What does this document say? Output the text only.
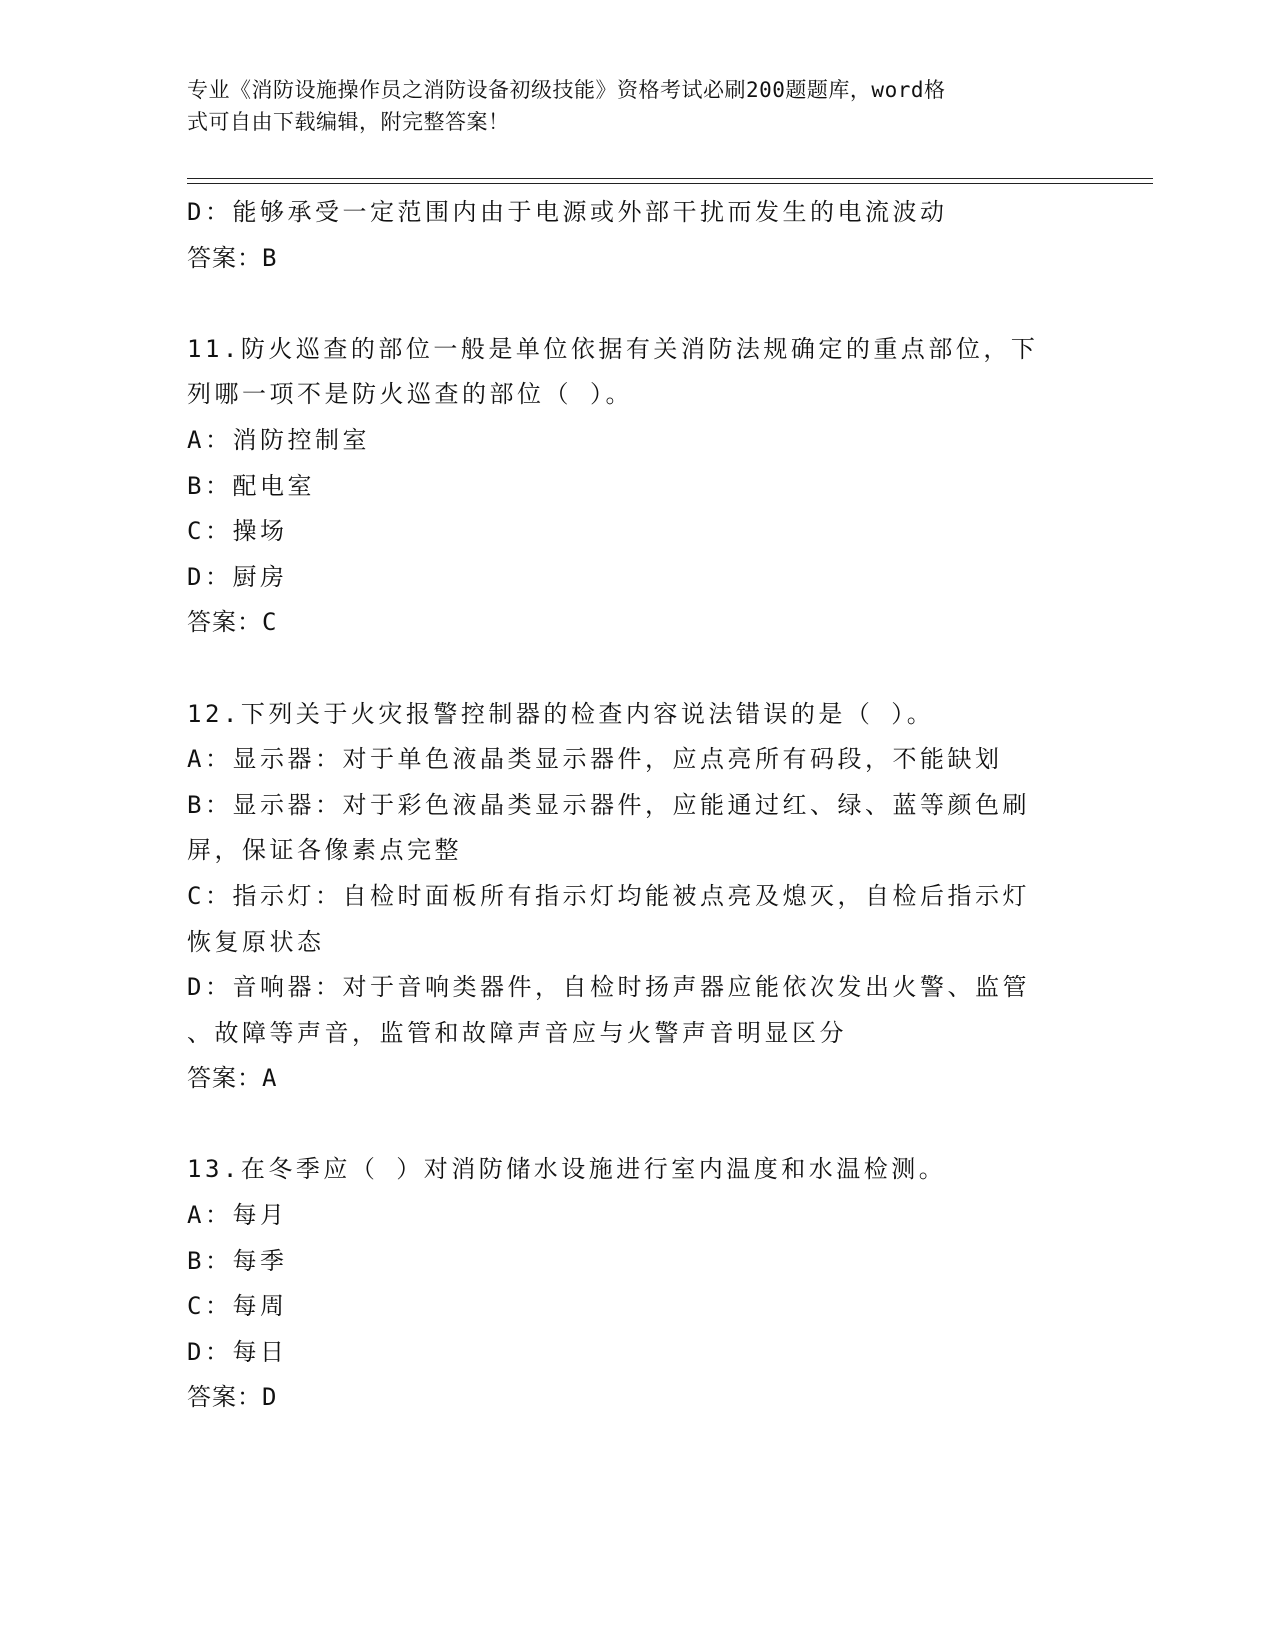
专业《消防设施操作员之消防设备初级技能》资格考试必刷200题题库，word格
式可自由下载编辑，附完整答案！
D：能够承受一定范围内由于电源或外部干扰而发生的电流波动
答案：B
11.防火巡查的部位一般是单位依据有关消防法规确定的重点部位，下
列哪一项不是防火巡查的部位（ ）。
A：消防控制室
B：配电室
C：操场
D：厨房
答案：C
12.下列关于火灾报警控制器的检查内容说法错误的是（ ）。
A：显示器：对于单色液晶类显示器件，应点亮所有码段，不能缺划
B：显示器：对于彩色液晶类显示器件，应能通过红、绿、蓝等颜色刷
屏，保证各像素点完整
C：指示灯：自检时面板所有指示灯均能被点亮及熄灭，自检后指示灯
恢复原状态
D：音响器：对于音响类器件，自检时扬声器应能依次发出火警、监管
、故障等声音，监管和故障声音应与火警声音明显区分
答案：A
13.在冬季应（ ）对消防储水设施进行室内温度和水温检测。
A：每月
B：每季
C：每周
D：每日
答案：D
